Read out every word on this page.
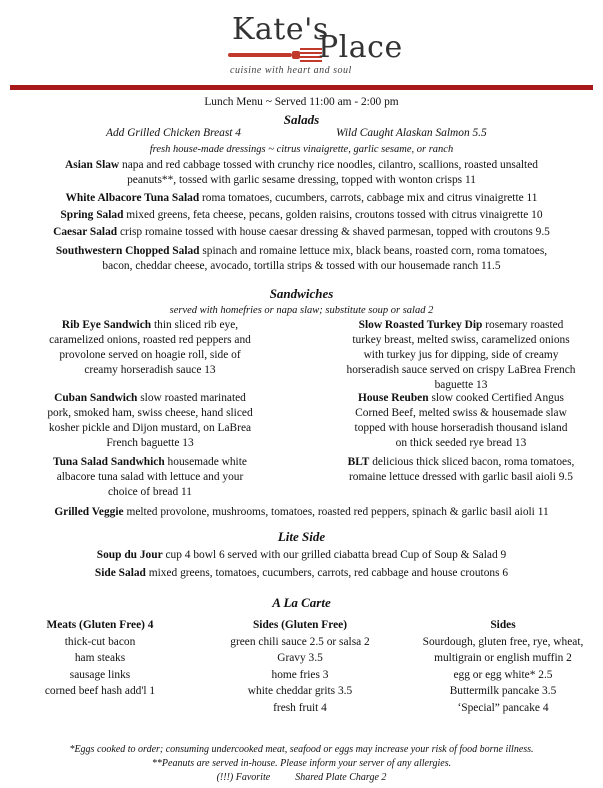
Kate's
Place
cuisine with heart and soul
Lunch Menu ~ Served 11:00 am - 2:00 pm
Salads
Add Grilled Chicken Breast 4	Wild Caught Alaskan Salmon 5.5
fresh house-made dressings ~ citrus vinaigrette, garlic sesame, or ranch
Asian Slaw napa and red cabbage tossed with crunchy rice noodles, cilantro, scallions, roasted unsalted
peanuts**, tossed with garlic sesame dressing, topped with wonton crisps 11
White Albacore Tuna Salad roma tomatoes, cucumbers, carrots, cabbage mix and citrus vinaigrette 11
Spring Salad mixed greens, feta cheese, pecans, golden raisins, croutons tossed with citrus vinaigrette 10
Caesar Salad crisp romaine tossed with house caesar dressing & shaved parmesan, topped with croutons 9.5
Southwestern Chopped Salad spinach and romaine lettuce mix, black beans, roasted corn, roma tomatoes,
bacon, cheddar cheese, avocado, tortilla strips & tossed with our housemade ranch 11.5
Sandwiches
served with homefries or napa slaw; substitute soup or salad 2
Rib Eye Sandwich thin sliced rib eye,
caramelized onions, roasted red peppers and
provolone served on hoagie roll, side of
creamy horseradish sauce 13
Slow Roasted Turkey Dip rosemary roasted
turkey breast, melted swiss, caramelized onions
with turkey jus for dipping, side of creamy
horseradish sauce served on crispy LaBrea French
baguette 13
Cuban Sandwich slow roasted marinated
pork, smoked ham, swiss cheese, hand sliced
kosher pickle and Dijon mustard, on LaBrea
French baguette 13
House Reuben slow cooked Certified Angus
Corned Beef, melted swiss & housemade slaw
topped with house horseradish thousand island
on thick seeded rye bread 13
Tuna Salad Sandwhich housemade white
albacore tuna salad with lettuce and your
choice of bread 11
BLT delicious thick sliced bacon, roma tomatoes,
romaine lettuce dressed with garlic basil aioli 9.5
Grilled Veggie melted provolone, mushrooms, tomatoes, roasted red peppers, spinach & garlic basil aioli 11
Lite Side
Soup du Jour cup 4 bowl 6 served with our grilled ciabatta bread Cup of Soup & Salad 9
Side Salad mixed greens, tomatoes, cucumbers, carrots, red cabbage and house croutons 6
A La Carte
Meats (Gluten Free) 4
thick-cut bacon
ham steaks
sausage links
corned beef hash add'l 1
Sides (Gluten Free)
green chili sauce 2.5 or salsa 2
Gravy 3.5
home fries 3
white cheddar grits 3.5
fresh fruit 4
Sides
Sourdough, gluten free, rye, wheat,
multigrain or english muffin 2
egg or egg white* 2.5
Buttermilk pancake 3.5
‘Special” pancake 4
*Eggs cooked to order; consuming undercooked meat, seafood or eggs may increase your risk of food borne illness.
**Peanuts are served in-house. Please inform your server of any allergies.
(!!!) Favorite	Shared Plate Charge 2
